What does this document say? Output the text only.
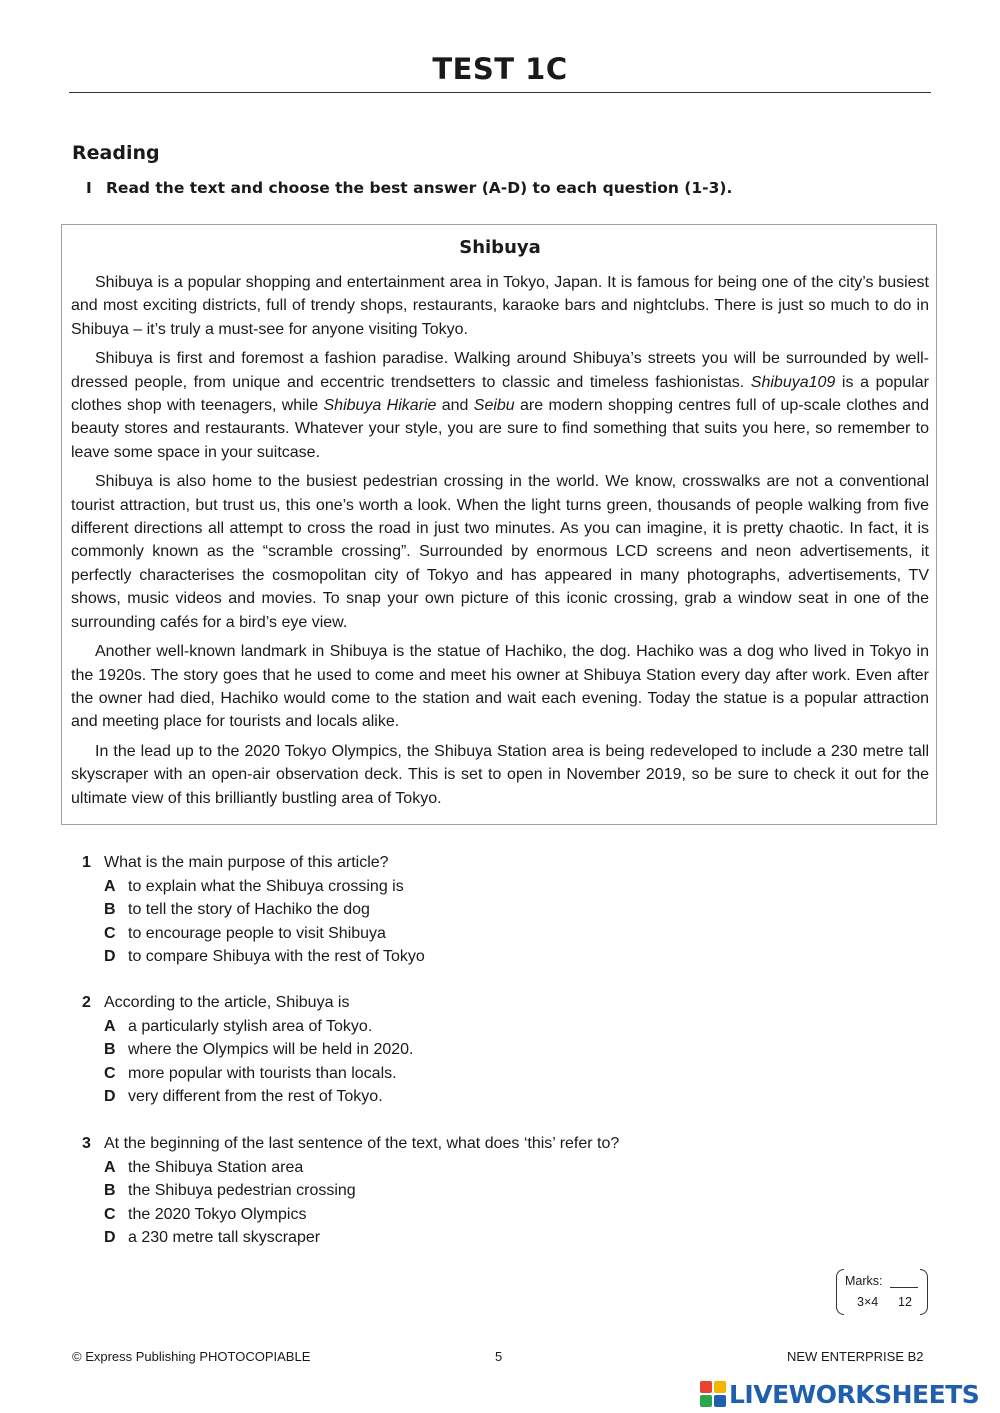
TEST 1C
Reading
I Read the text and choose the best answer (A-D) to each question (1-3).
Shibuya

Shibuya is a popular shopping and entertainment area in Tokyo, Japan. It is famous for being one of the city’s busiest and most exciting districts, full of trendy shops, restaurants, karaoke bars and nightclubs. There is just so much to do in Shibuya – it’s truly a must-see for anyone visiting Tokyo.

Shibuya is first and foremost a fashion paradise. Walking around Shibuya’s streets you will be surrounded by well-dressed people, from unique and eccentric trendsetters to classic and timeless fashionistas. Shibuya109 is a popular clothes shop with teenagers, while Shibuya Hikarie and Seibu are modern shopping centres full of up-scale clothes and beauty stores and restaurants. Whatever your style, you are sure to find something that suits you here, so remember to leave some space in your suitcase.

Shibuya is also home to the busiest pedestrian crossing in the world. We know, crosswalks are not a conventional tourist attraction, but trust us, this one’s worth a look. When the light turns green, thousands of people walking from five different directions all attempt to cross the road in just two minutes. As you can imagine, it is pretty chaotic. In fact, it is commonly known as the “scramble crossing”. Surrounded by enormous LCD screens and neon advertisements, it perfectly characterises the cosmopolitan city of Tokyo and has appeared in many photographs, advertisements, TV shows, music videos and movies. To snap your own picture of this iconic crossing, grab a window seat in one of the surrounding cafés for a bird’s eye view.

Another well-known landmark in Shibuya is the statue of Hachiko, the dog. Hachiko was a dog who lived in Tokyo in the 1920s. The story goes that he used to come and meet his owner at Shibuya Station every day after work. Even after the owner had died, Hachiko would come to the station and wait each evening. Today the statue is a popular attraction and meeting place for tourists and locals alike.

In the lead up to the 2020 Tokyo Olympics, the Shibuya Station area is being redeveloped to include a 230 metre tall skyscraper with an open-air observation deck. This is set to open in November 2019, so be sure to check it out for the ultimate view of this brilliantly bustling area of Tokyo.

1 What is the main purpose of this article?
A to explain what the Shibuya crossing is
B to tell the story of Hachiko the dog
C to encourage people to visit Shibuya
D to compare Shibuya with the rest of Tokyo
2 According to the article, Shibuya is
A a particularly stylish area of Tokyo.
B where the Olympics will be held in 2020.
C more popular with tourists than locals.
D very different from the rest of Tokyo.
3 At the beginning of the last sentence of the text, what does ‘this’ refer to?
A the Shibuya Station area
B the Shibuya pedestrian crossing
C the 2020 Tokyo Olympics
D a 230 metre tall skyscraper
Marks:
3×4 12
© Express Publishing PHOTOCOPIABLE	5	NEW ENTERPRISE B2
LIVEWORKSHEETS
